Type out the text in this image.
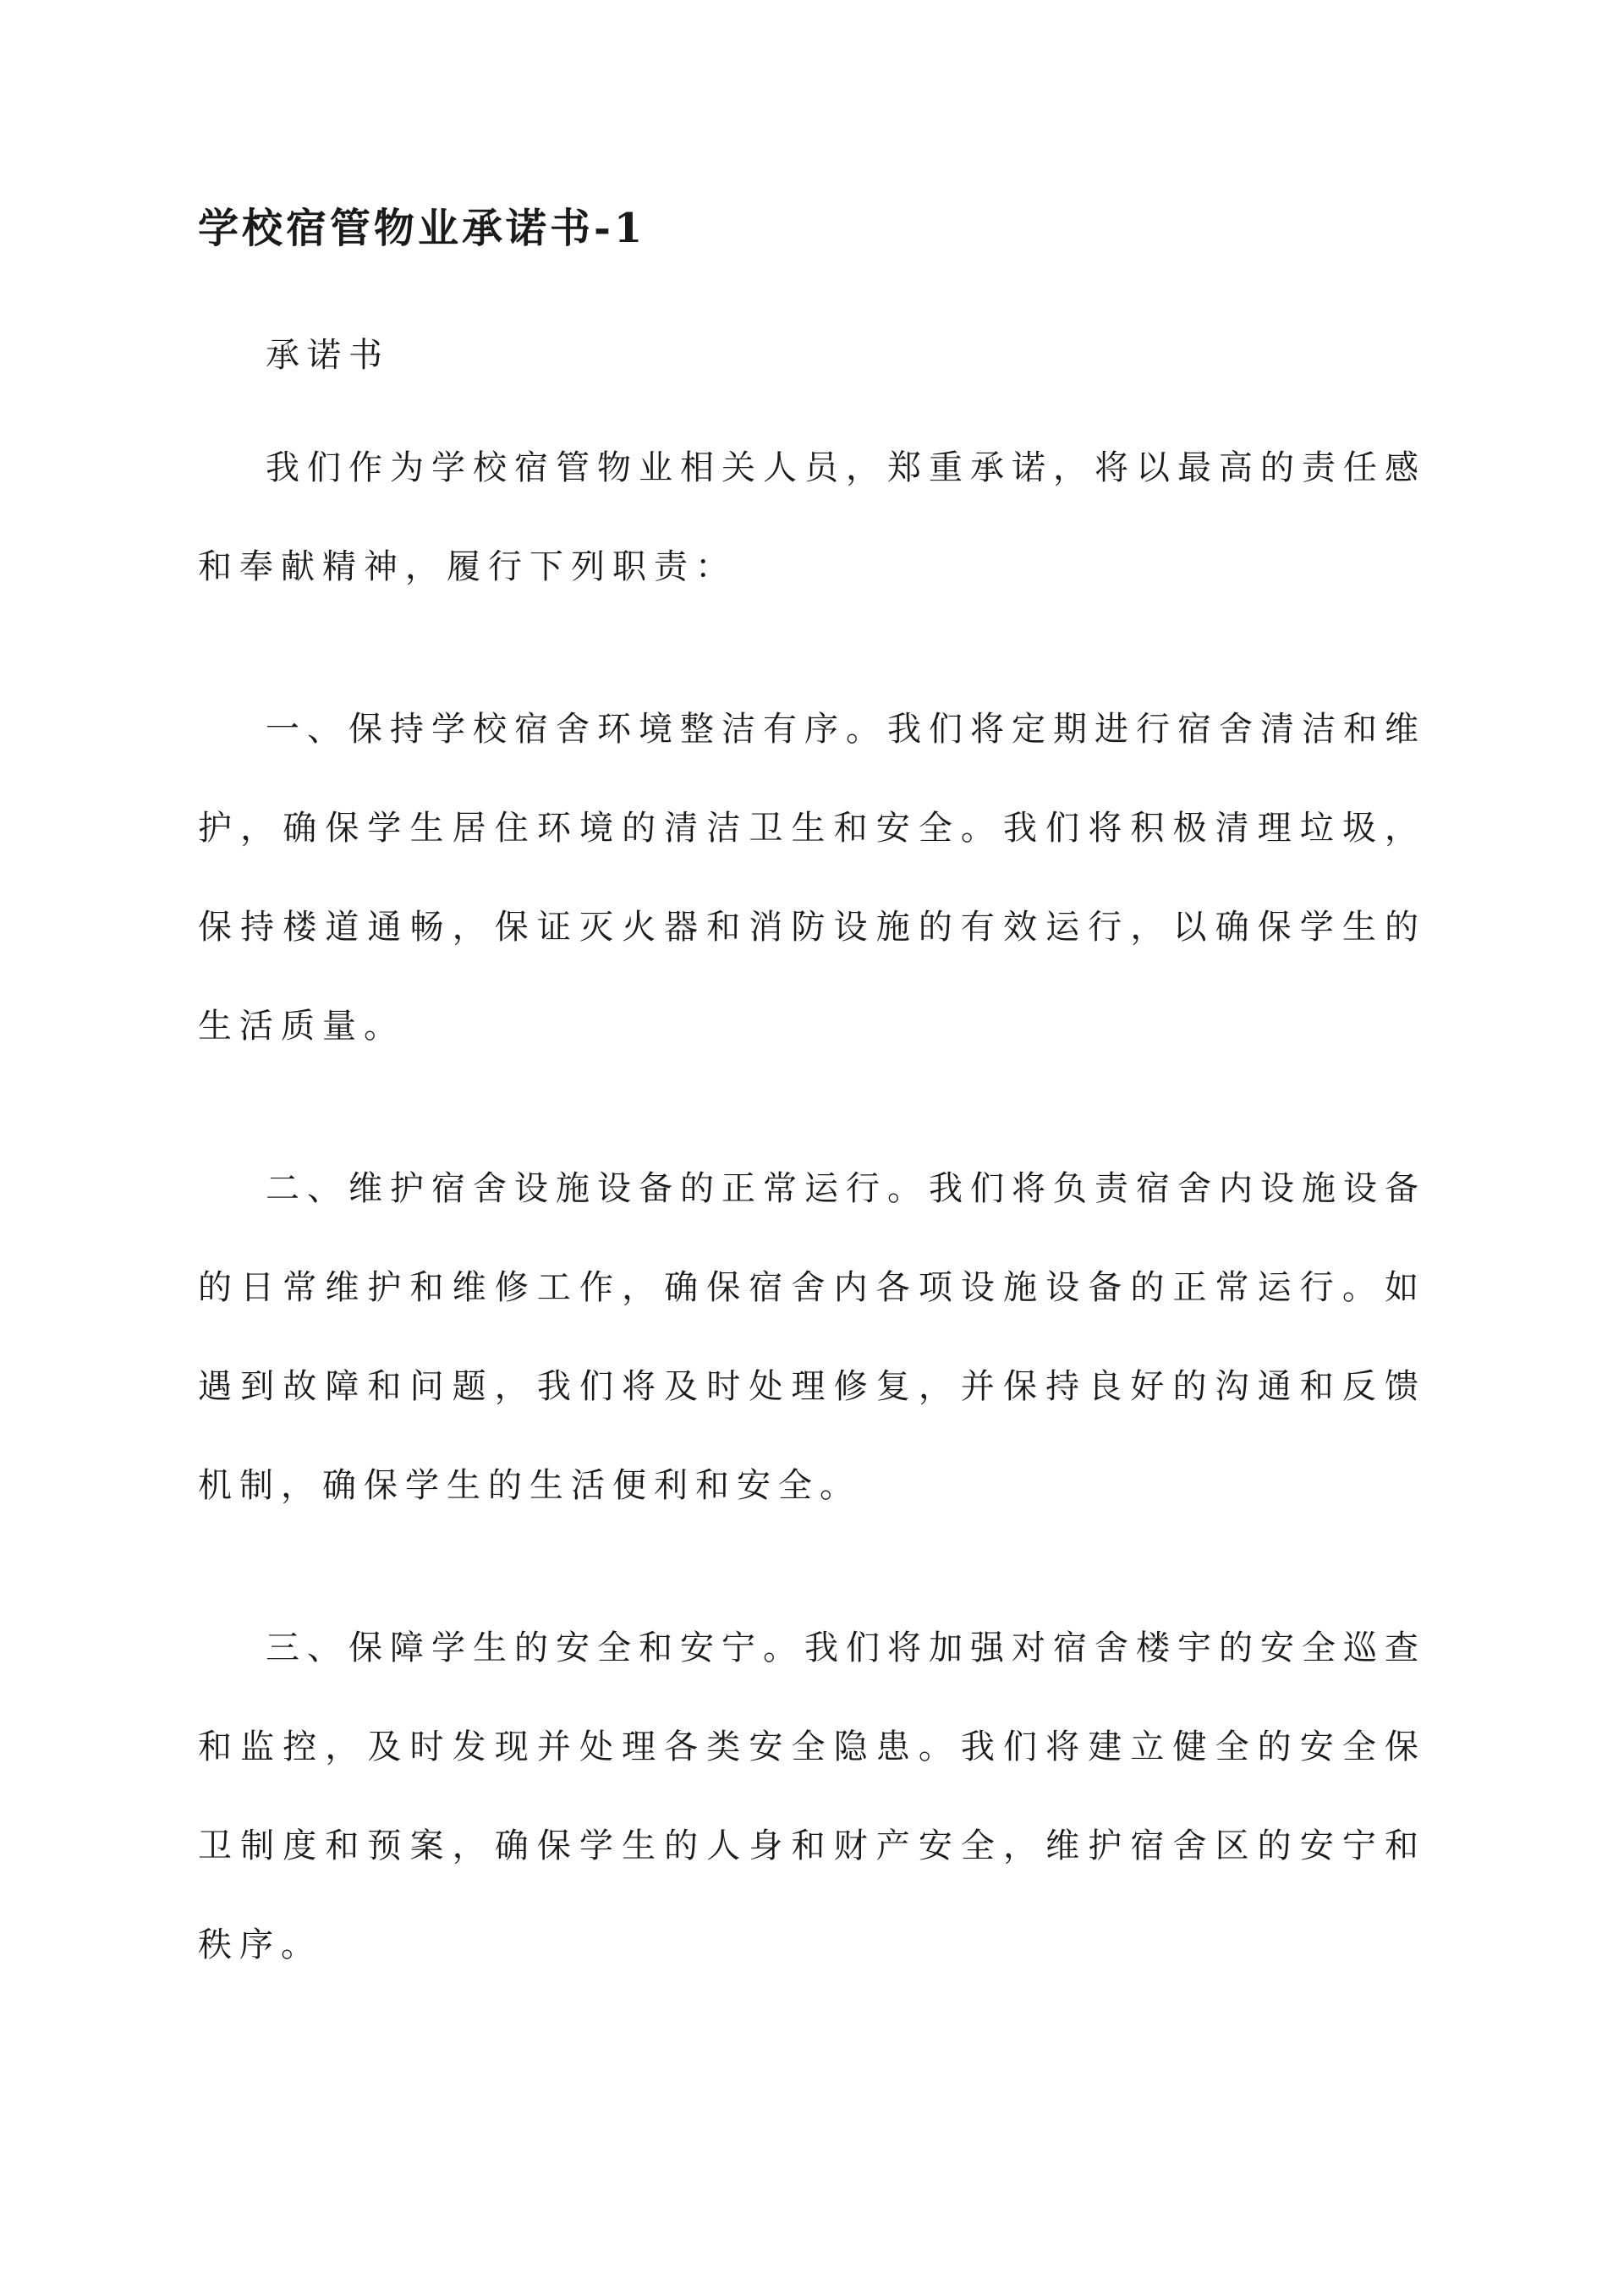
学校宿管物业承诺书-1

承诺书

我们作为学校宿管物业相关人员，郑重承诺，将以最高的责任感和奉献精神，履行下列职责：

一、保持学校宿舍环境整洁有序。我们将定期进行宿舍清洁和维护，确保学生居住环境的清洁卫生和安全。我们将积极清理垃圾，保持楼道通畅，保证灭火器和消防设施的有效运行，以确保学生的生活质量。

二、维护宿舍设施设备的正常运行。我们将负责宿舍内设施设备的日常维护和维修工作，确保宿舍内各项设施设备的正常运行。如遇到故障和问题，我们将及时处理修复，并保持良好的沟通和反馈机制，确保学生的生活便利和安全。

三、保障学生的安全和安宁。我们将加强对宿舍楼宇的安全巡查和监控，及时发现并处理各类安全隐患。我们将建立健全的安全保卫制度和预案，确保学生的人身和财产安全，维护宿舍区的安宁和秩序。
